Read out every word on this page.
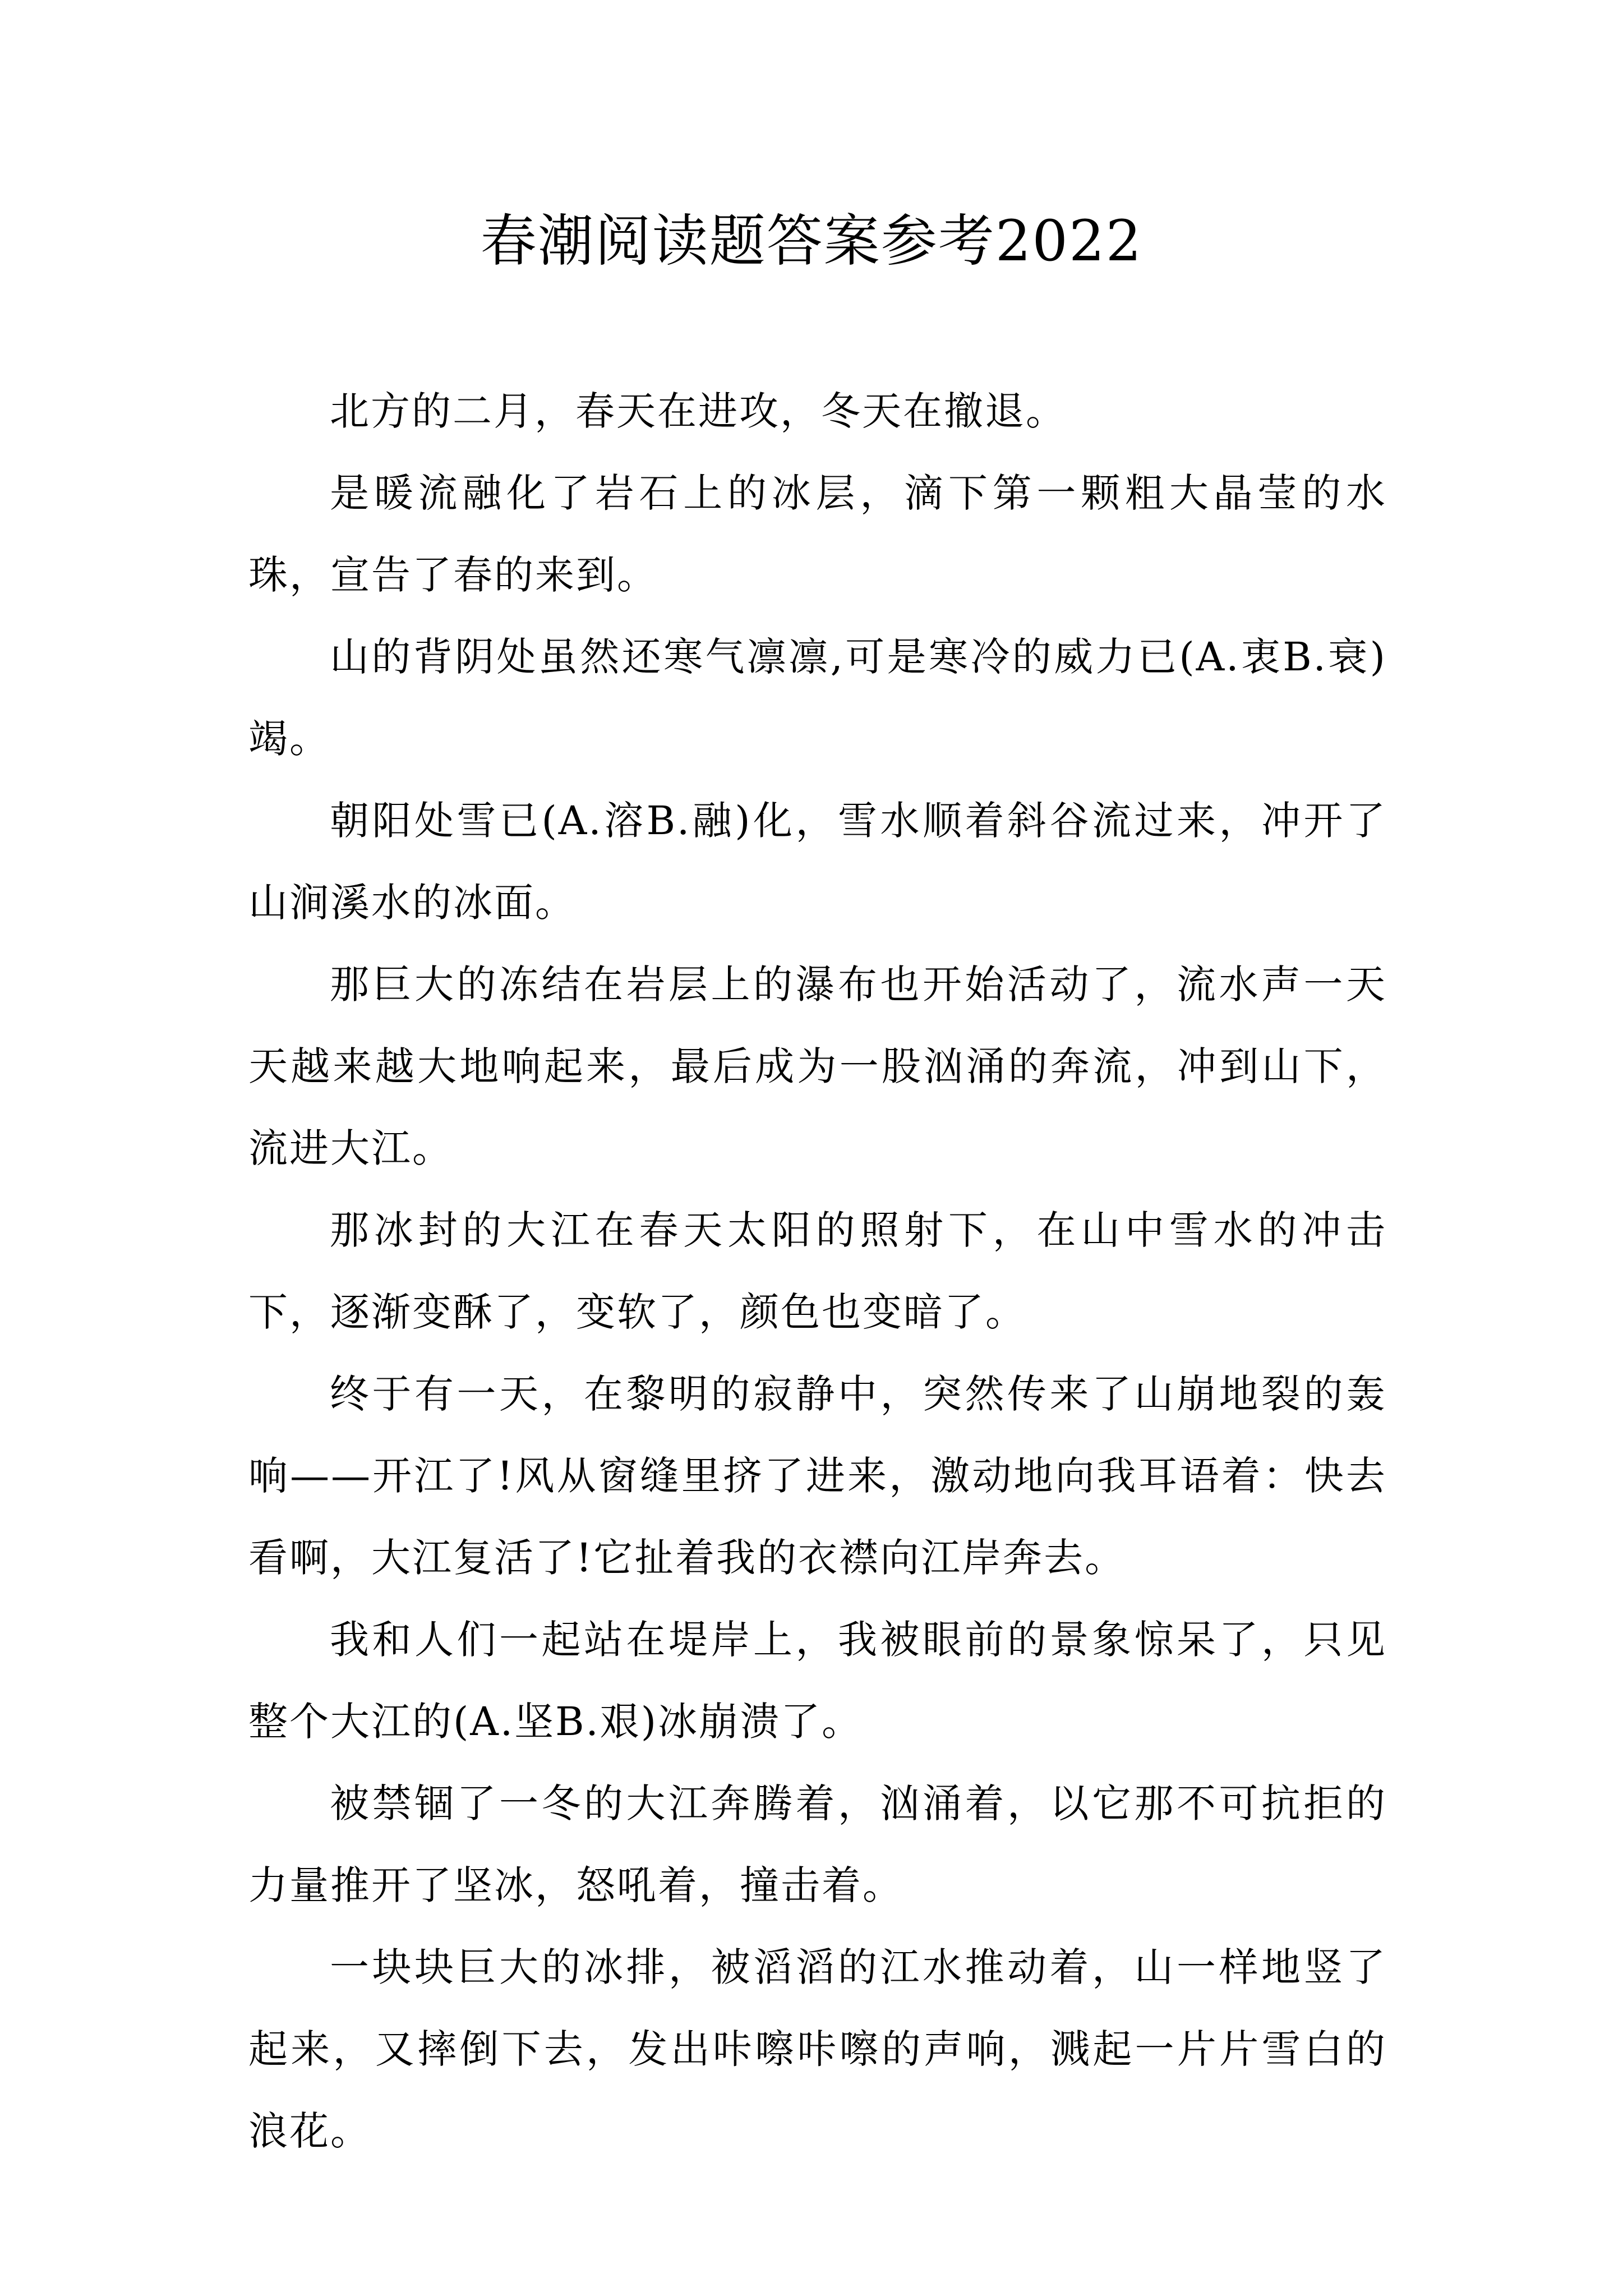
春潮阅读题答案参考2022

北方的二月，春天在进攻，冬天在撤退。

是暖流融化了岩石上的冰层，滴下第一颗粗大晶莹的水珠，宣告了春的来到。

山的背阴处虽然还寒气凛凛,可是寒冷的威力已(A.衷B.衰)竭。

朝阳处雪已(A.溶B.融)化，雪水顺着斜谷流过来，冲开了山涧溪水的冰面。

那巨大的冻结在岩层上的瀑布也开始活动了，流水声一天天越来越大地响起来，最后成为一股汹涌的奔流，冲到山下，流进大江。

那冰封的大江在春天太阳的照射下，在山中雪水的冲击下，逐渐变酥了，变软了，颜色也变暗了。

终于有一天，在黎明的寂静中，突然传来了山崩地裂的轰响——开江了!风从窗缝里挤了进来，激动地向我耳语着：快去看啊，大江复活了!它扯着我的衣襟向江岸奔去。

我和人们一起站在堤岸上，我被眼前的景象惊呆了，只见整个大江的(A.坚B.艰)冰崩溃了。

被禁锢了一冬的大江奔腾着，汹涌着，以它那不可抗拒的力量推开了坚冰，怒吼着，撞击着。

一块块巨大的冰排，被滔滔的江水推动着，山一样地竖了起来，又摔倒下去，发出咔嚓咔嚓的声响，溅起一片片雪白的浪花。
